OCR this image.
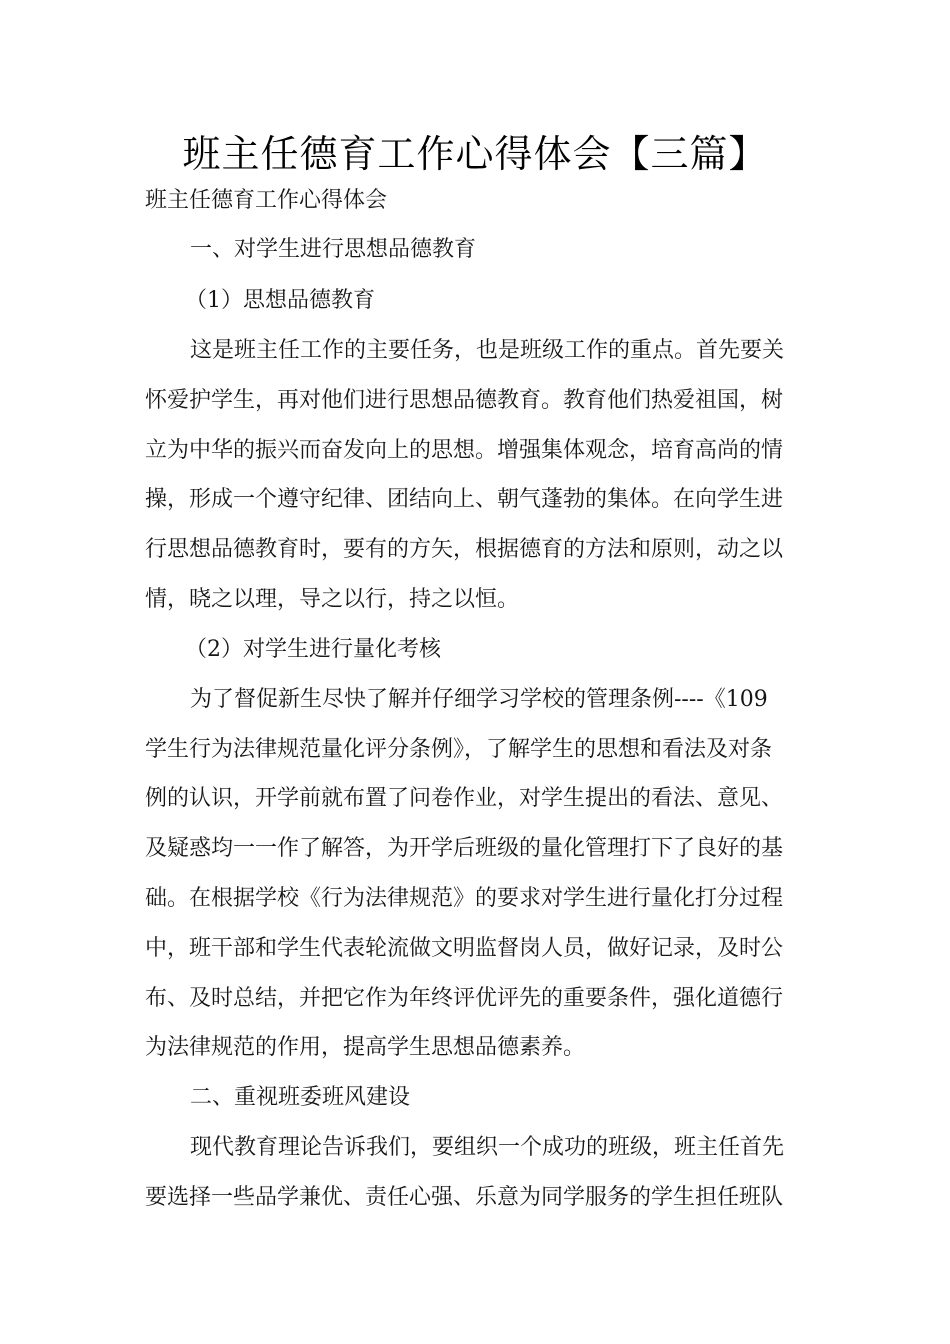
班主任德育工作心得体会【三篇】
班主任德育工作心得体会
一、对学生进行思想品德教育
（1）思想品德教育
这是班主任工作的主要任务，也是班级工作的重点。首先要关
怀爱护学生，再对他们进行思想品德教育。教育他们热爱祖国，树
立为中华的振兴而奋发向上的思想。增强集体观念，培育高尚的情
操，形成一个遵守纪律、团结向上、朝气蓬勃的集体。在向学生进
行思想品德教育时，要有的方矢，根据德育的方法和原则，动之以
情，晓之以理，导之以行，持之以恒。
（2）对学生进行量化考核
为了督促新生尽快了解并仔细学习学校的管理条例----《109
学生行为法律规范量化评分条例》，了解学生的思想和看法及对条
例的认识，开学前就布置了问卷作业，对学生提出的看法、意见、
及疑惑均一一作了解答，为开学后班级的量化管理打下了良好的基
础。在根据学校《行为法律规范》的要求对学生进行量化打分过程
中，班干部和学生代表轮流做文明监督岗人员，做好记录，及时公
布、及时总结，并把它作为年终评优评先的重要条件，强化道德行
为法律规范的作用，提高学生思想品德素养。
二、重视班委班风建设
现代教育理论告诉我们，要组织一个成功的班级，班主任首先
要选择一些品学兼优、责任心强、乐意为同学服务的学生担任班队
